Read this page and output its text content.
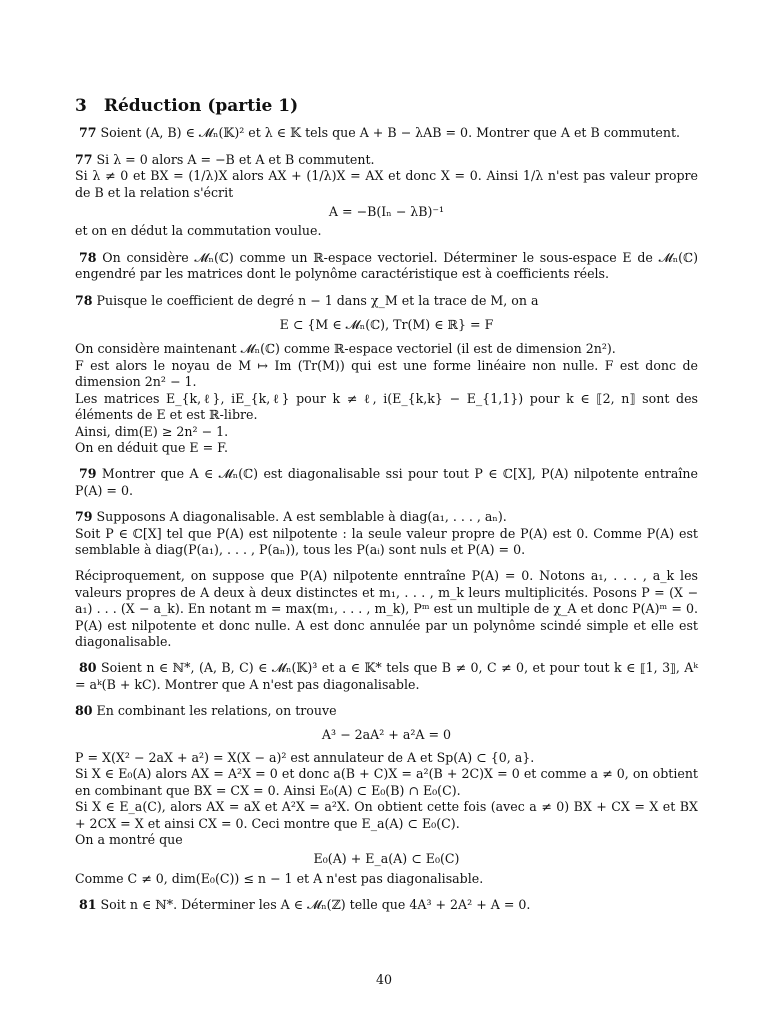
3 Réduction (partie 1)

77 Soient (A, B) ∈ 𝓜ₙ(𝕂)² et λ ∈ 𝕂 tels que A + B − λAB = 0. Montrer que A et B commutent.

77 Si λ = 0 alors A = −B et A et B commutent.

Si λ ≠ 0 et BX = (1/λ)X alors AX + (1/λ)X = AX et donc X = 0. Ainsi 1/λ n'est pas valeur propre de B et la relation s'écrit

A = −B(Iₙ − λB)⁻¹

et on en dédut la commutation voulue.

78 On considère 𝓜ₙ(ℂ) comme un ℝ-espace vectoriel. Déterminer le sous-espace E de 𝓜ₙ(ℂ) engendré par les matrices dont le polynôme caractéristique est à coefficients réels.

78 Puisque le coefficient de degré n − 1 dans χ_M et la trace de M, on a

E ⊂ {M ∈ 𝓜ₙ(ℂ), Tr(M) ∈ ℝ} = F

On considère maintenant 𝓜ₙ(ℂ) comme ℝ-espace vectoriel (il est de dimension 2n²).

F est alors le noyau de M ↦ Im (Tr(M)) qui est une forme linéaire non nulle. F est donc de dimension 2n² − 1.

Les matrices E_{k,ℓ}, iE_{k,ℓ} pour k ≠ ℓ, i(E_{k,k} − E_{1,1}) pour k ∈ ⟦2, n⟧ sont des éléments de E et est ℝ-libre.

Ainsi, dim(E) ≥ 2n² − 1.

On en déduit que E = F.

79 Montrer que A ∈ 𝓜ₙ(ℂ) est diagonalisable ssi pour tout P ∈ ℂ[X], P(A) nilpotente entraîne P(A) = 0.

79 Supposons A diagonalisable. A est semblable à diag(a₁, . . . , aₙ).

Soit P ∈ ℂ[X] tel que P(A) est nilpotente : la seule valeur propre de P(A) est 0. Comme P(A) est semblable à diag(P(a₁), . . . , P(aₙ)), tous les P(aᵢ) sont nuls et P(A) = 0.

Réciproquement, on suppose que P(A) nilpotente enntraîne P(A) = 0. Notons a₁, . . . , a_k les valeurs propres de A deux à deux distinctes et m₁, . . . , m_k leurs multiplicités. Posons P = (X − a₁) . . . (X − a_k). En notant m = max(m₁, . . . , m_k), Pᵐ est un multiple de χ_A et donc P(A)ᵐ = 0. P(A) est nilpotente et donc nulle. A est donc annulée par un polynôme scindé simple et elle est diagonalisable.

80 Soient n ∈ ℕ*, (A, B, C) ∈ 𝓜ₙ(𝕂)³ et a ∈ 𝕂* tels que B ≠ 0, C ≠ 0, et pour tout k ∈ ⟦1, 3⟧, Aᵏ = aᵏ(B + kC). Montrer que A n'est pas diagonalisable.

80 En combinant les relations, on trouve

A³ − 2aA² + a²A = 0

P = X(X² − 2aX + a²) = X(X − a)² est annulateur de A et Sp(A) ⊂ {0, a}.

Si X ∈ E₀(A) alors AX = A²X = 0 et donc a(B + C)X = a²(B + 2C)X = 0 et comme a ≠ 0, on obtient en combinant que BX = CX = 0. Ainsi E₀(A) ⊂ E₀(B) ∩ E₀(C).

Si X ∈ E_a(C), alors AX = aX et A²X = a²X. On obtient cette fois (avec a ≠ 0) BX + CX = X et BX + 2CX = X et ainsi CX = 0. Ceci montre que E_a(A) ⊂ E₀(C).

On a montré que

E₀(A) + E_a(A) ⊂ E₀(C)

Comme C ≠ 0, dim(E₀(C)) ≤ n − 1 et A n'est pas diagonalisable.

81 Soit n ∈ ℕ*. Déterminer les A ∈ 𝓜ₙ(ℤ) telle que 4A³ + 2A² + A = 0.

40
